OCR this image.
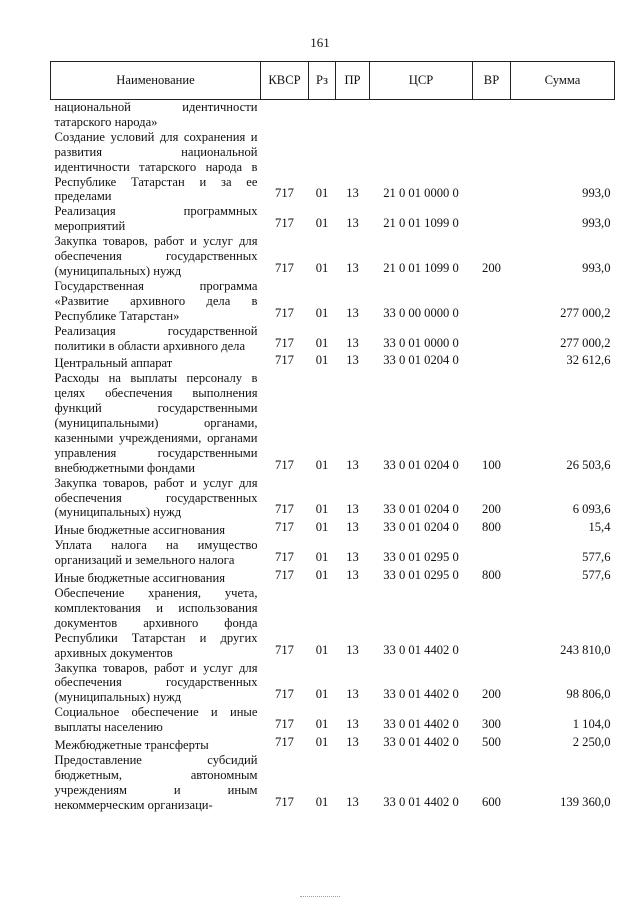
161
Наименование	КВСР	Рз	ПР	ЦСР	ВР	Сумма
национальной идентичности татарского народа»						
Создание условий для сохранения и развития национальной идентичности татарского народа в Республике Татарстан и за ее пределами	717	01	13	21 0 01 0000 0		993,0
Реализация программных мероприятий	717	01	13	21 0 01 1099 0		993,0
Закупка товаров, работ и услуг для обеспечения государственных (муниципальных) нужд	717	01	13	21 0 01 1099 0	200	993,0
Государственная программа «Развитие архивного дела в Республике Татарстан»	717	01	13	33 0 00 0000 0		277 000,2
Реализация государственной политики в области архивного дела	717	01	13	33 0 01 0000 0		277 000,2
Центральный аппарат	717	01	13	33 0 01 0204 0		32 612,6
Расходы на выплаты персоналу в целях обеспечения выполнения функций государственными (муниципальными) органами, казенными учреждениями, органами управления государственными внебюджетными фондами	717	01	13	33 0 01 0204 0	100	26 503,6
Закупка товаров, работ и услуг для обеспечения государственных (муниципальных) нужд	717	01	13	33 0 01 0204 0	200	6 093,6
Иные бюджетные ассигнования	717	01	13	33 0 01 0204 0	800	15,4
Уплата налога на имущество организаций и земельного налога	717	01	13	33 0 01 0295 0		577,6
Иные бюджетные ассигнования	717	01	13	33 0 01 0295 0	800	577,6
Обеспечение хранения, учета, комплектования и использования документов архивного фонда Республики Татарстан и других архивных документов	717	01	13	33 0 01 4402 0		243 810,0
Закупка товаров, работ и услуг для обеспечения государственных (муниципальных) нужд	717	01	13	33 0 01 4402 0	200	98 806,0
Социальное обеспечение и иные выплаты населению	717	01	13	33 0 01 4402 0	300	1 104,0
Межбюджетные трансферты	717	01	13	33 0 01 4402 0	500	2 250,0
Предоставление субсидий бюджетным, автономным учреждениям и иным некоммерческим организаци-	717	01	13	33 0 01 4402 0	600	139 360,0
